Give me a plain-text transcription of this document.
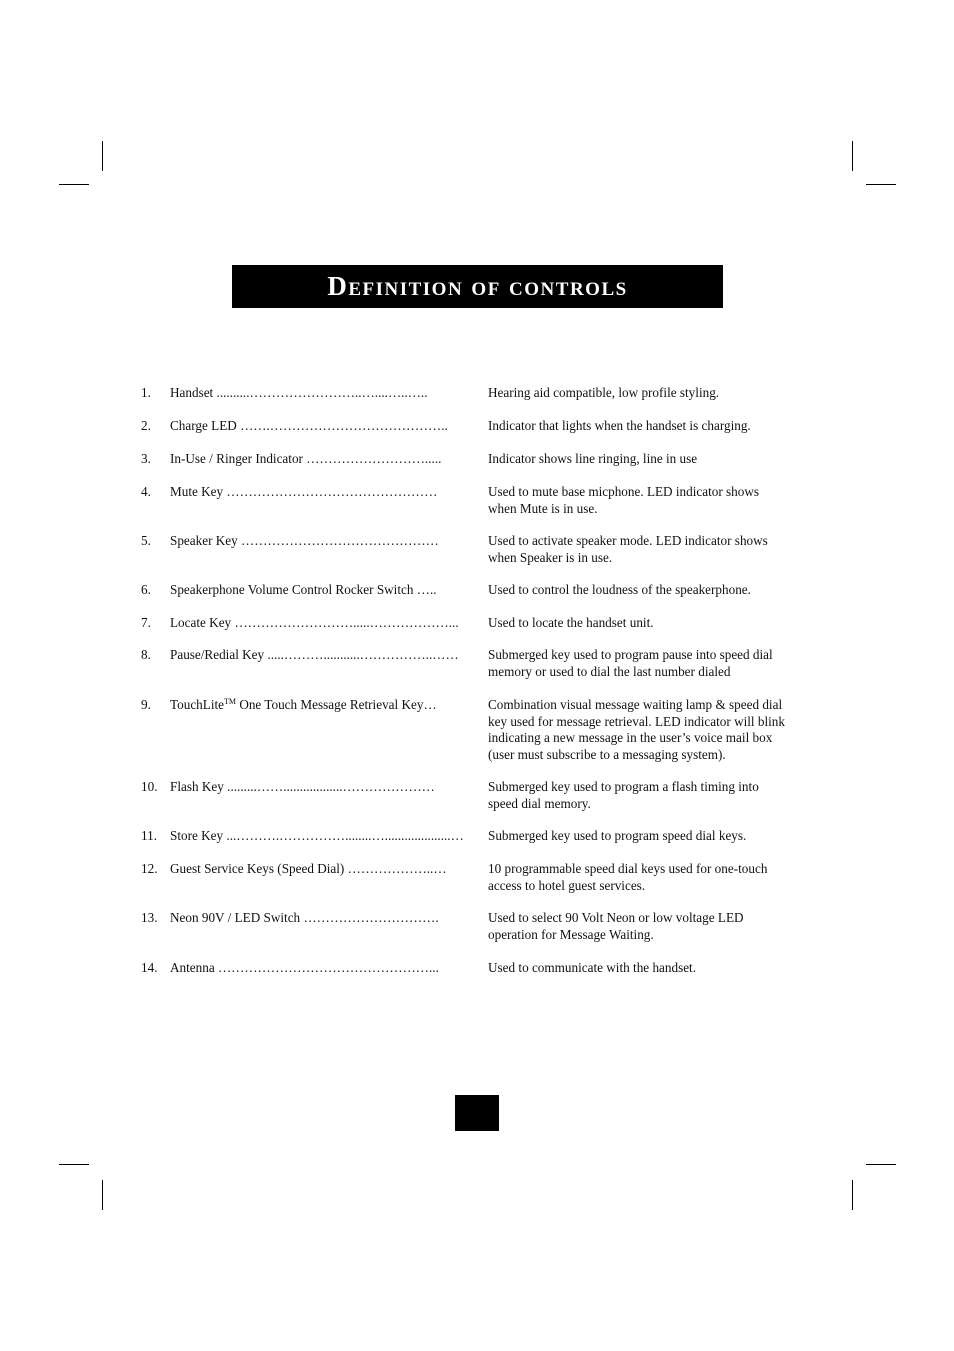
Definition of controls
1. Handset ..........……………………..…....…..…..	Hearing aid compatible, low profile styling.
2. Charge LED …….…………………………………..	Indicator that lights when the handset is charging.
3. In-Use / Ringer Indicator ……………………….....	Indicator shows line ringing, line in use
4. Mute Key …………………………………………	Used to mute base micphone. LED indicator shows
when Mute is in use.
5. Speaker Key ………………………………………	Used to activate speaker mode. LED indicator shows
when Speaker is in use.
6. Speakerphone Volume Control Rocker Switch …..	Used to control the loudness of the speakerphone.
7. Locate Key ……………………….....………………...	Used to locate the handset unit.
8. Pause/Redial Key .....………...........……………..……	Submerged key used to program pause into speed dial
memory or used to dial the last number dialed
9. TouchLite™ One Touch Message Retrieval Key…	Combination visual message waiting lamp & speed dial
key used for message retrieval. LED indicator will blink
indicating a new message in the user’s voice mail box
(user must subscribe to a messaging system).
10. Flash Key .........……..................…………………	Submerged key used to program a flash timing into
speed dial memory.
11. Store Key ...……….……………........…....................…	Submerged key used to program speed dial keys.
12. Guest Service Keys (Speed Dial) ………………..…	10 programmable speed dial keys used for one-touch
access to hotel guest services.
13. Neon 90V / LED Switch ………………………….	Used to select 90 Volt Neon or low voltage LED
operation for Message Waiting.
14. Antenna …………………………………………...	Used to communicate with the handset.
